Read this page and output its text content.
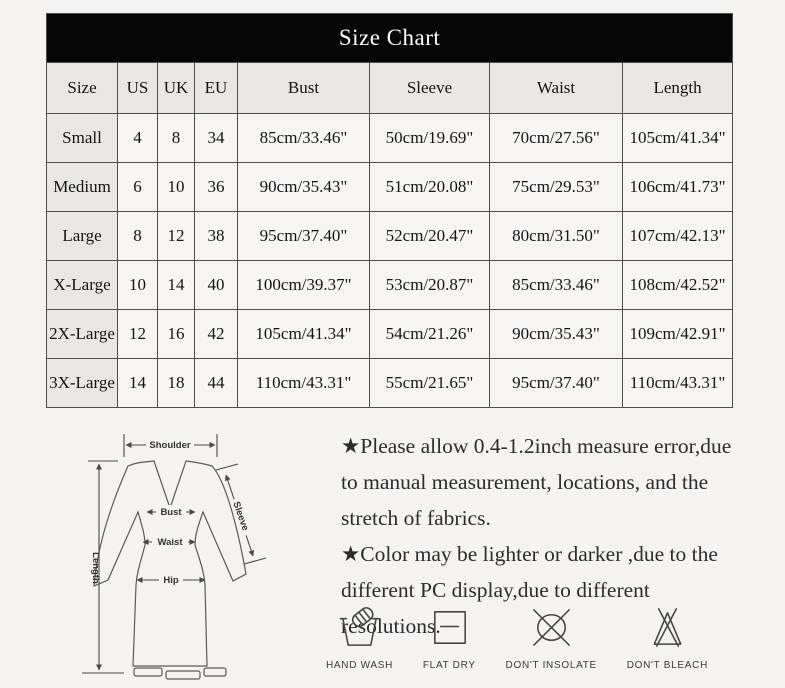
Size Chart							
Size	US	UK	EU	Bust	Sleeve	Waist	Length
Small	4	8	34	85cm/33.46"	50cm/19.69"	70cm/27.56"	105cm/41.34"
Medium	6	10	36	90cm/35.43"	51cm/20.08"	75cm/29.53"	106cm/41.73"
Large	8	12	38	95cm/37.40"	52cm/20.47"	80cm/31.50"	107cm/42.13"
X-Large	10	14	40	100cm/39.37"	53cm/20.87"	85cm/33.46"	108cm/42.52"
2X-Large	12	16	42	105cm/41.34"	54cm/21.26"	90cm/35.43"	109cm/42.91"
3X-Large	14	18	44	110cm/43.31"	55cm/21.65"	95cm/37.40"	110cm/43.31"
Shoulder
Bust
Waist
Hip
Length
Sleeve

★Please allow 0.4-1.2inch measure error,due to manual measurement, locations, and the stretch of fabrics.

★Color may be lighter or darker ,due to the different PC display,due to different resolutions.

HAND WASH	FLAT DRY	DON'T INSOLATE	DON'T BLEACH
